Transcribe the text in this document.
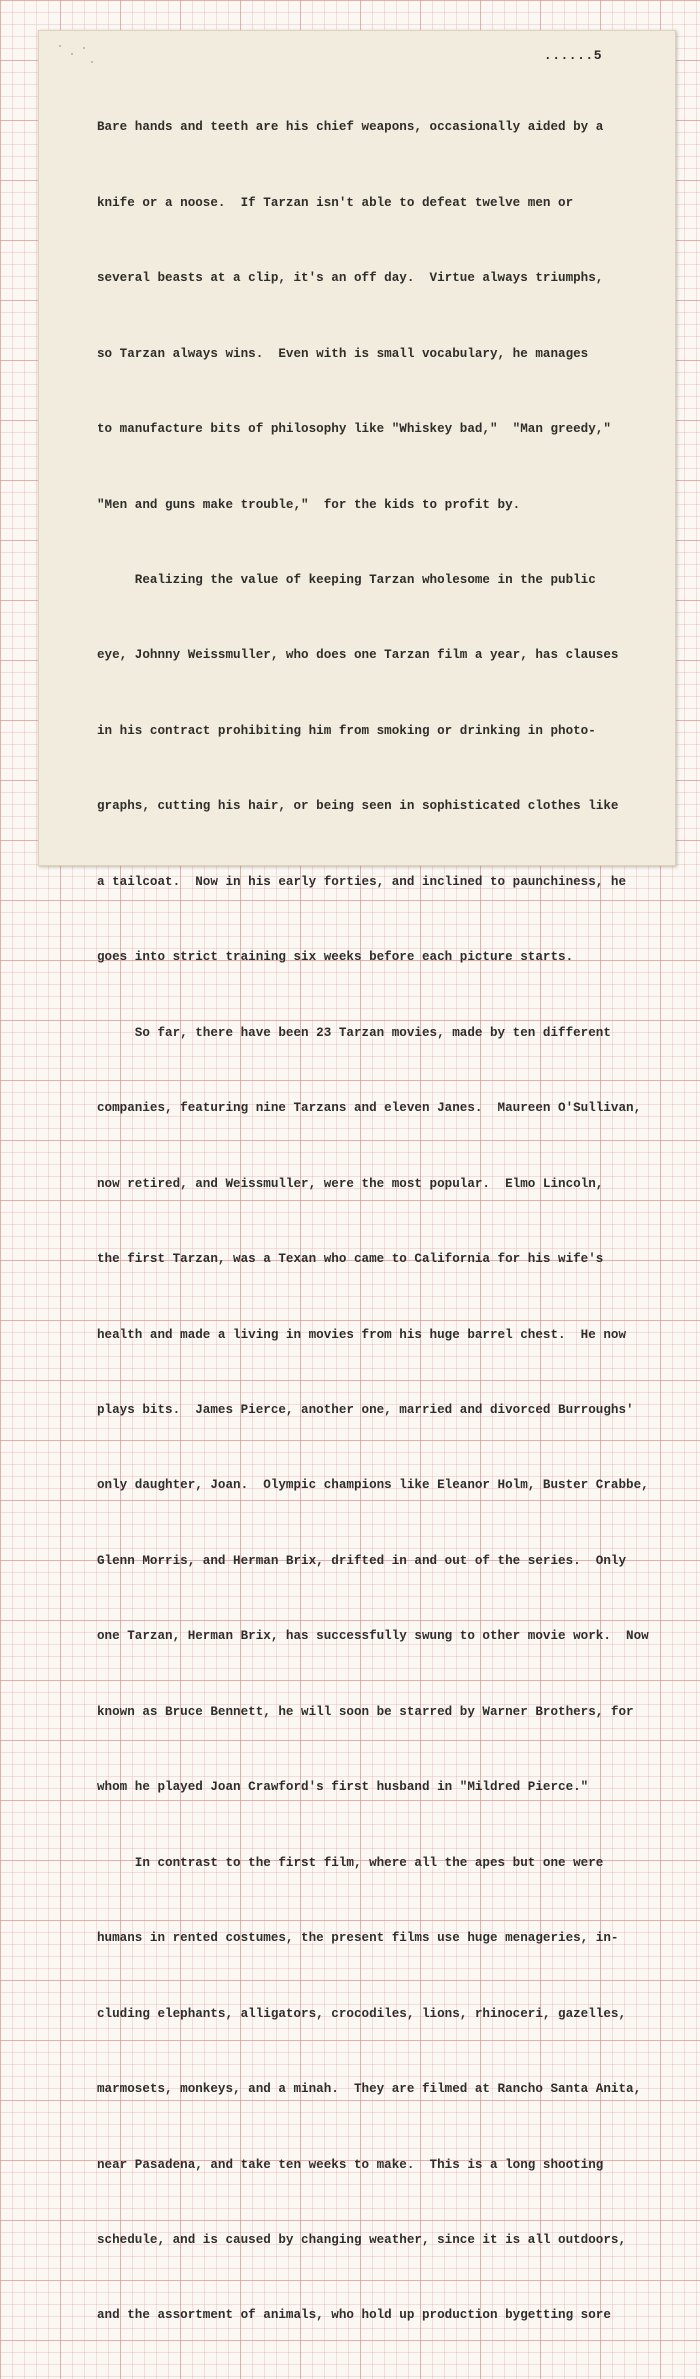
......5

Bare hands and teeth are his chief weapons, occasionally aided by a

knife or a noose.  If Tarzan isn't able to defeat twelve men or

several beasts at a clip, it's an off day.  Virtue always triumphs,

so Tarzan always wins.  Even with is small vocabulary, he manages

to manufacture bits of philosophy like "Whiskey bad,"  "Man greedy,"

"Men and guns make trouble,"  for the kids to profit by.

Realizing the value of keeping Tarzan wholesome in the public

eye, Johnny Weissmuller, who does one Tarzan film a year, has clauses

in his contract prohibiting him from smoking or drinking in photo-

graphs, cutting his hair, or being seen in sophisticated clothes like

a tailcoat.  Now in his early forties, and inclined to paunchiness, he

goes into strict training six weeks before each picture starts.

So far, there have been 23 Tarzan movies, made by ten different

companies, featuring nine Tarzans and eleven Janes.  Maureen O'Sullivan,

now retired, and Weissmuller, were the most popular.  Elmo Lincoln,

the first Tarzan, was a Texan who came to California for his wife's

health and made a living in movies from his huge barrel chest.  He now

plays bits.  James Pierce, another one, married and divorced Burroughs'

only daughter, Joan.  Olympic champions like Eleanor Holm, Buster Crabbe,

Glenn Morris, and Herman Brix, drifted in and out of the series.  Only

one Tarzan, Herman Brix, has successfully swung to other movie work.  Now

known as Bruce Bennett, he will soon be starred by Warner Brothers, for

whom he played Joan Crawford's first husband in "Mildred Pierce."

In contrast to the first film, where all the apes but one were

humans in rented costumes, the present films use huge menageries, in-

cluding elephants, alligators, crocodiles, lions, rhinoceri, gazelles,

marmosets, monkeys, and a minah.  They are filmed at Rancho Santa Anita,

near Pasadena, and take ten weeks to make.  This is a long shooting

schedule, and is caused by changing weather, since it is all outdoors,

and the assortment of animals, who hold up production bygetting sore
